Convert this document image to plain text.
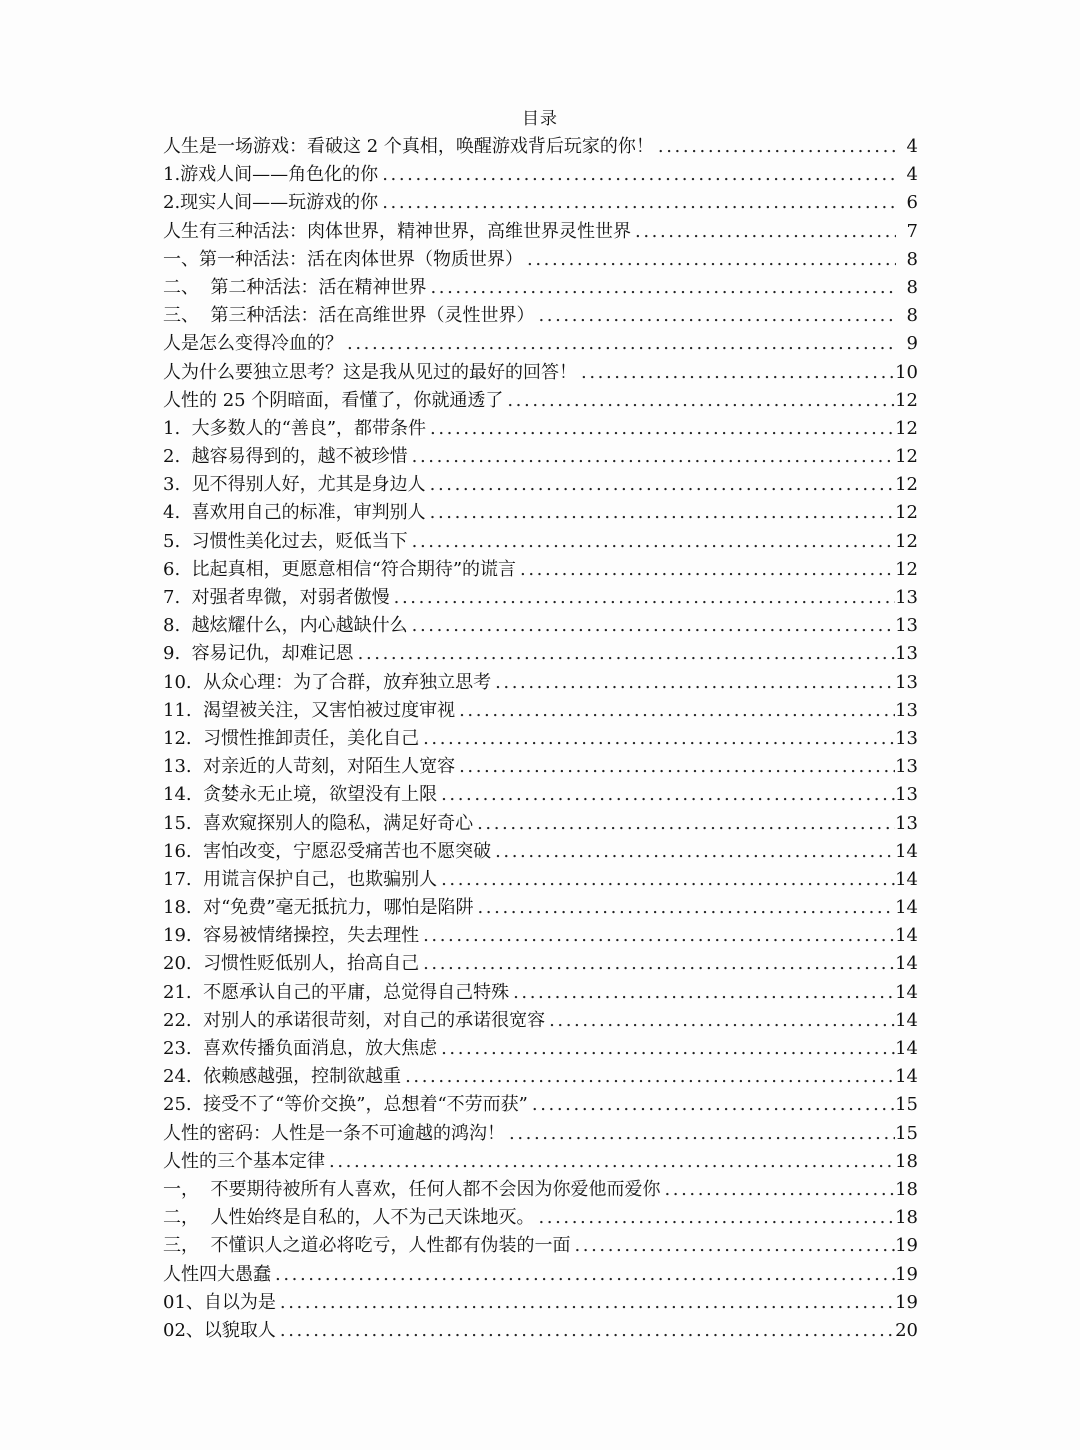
目录
人生是一场游戏：看破这 2 个真相，唤醒游戏背后玩家的你！ .....	4
1.游戏人间——角色化的你 .....	4
2.现实人间——玩游戏的你 .....	6
人生有三种活法：肉体世界，精神世界，高维世界灵性世界 .....	7
一、第一种活法：活在肉体世界（物质世界） .....	8
二、  第二种活法：活在精神世界 .....	8
三、  第三种活法：活在高维世界（灵性世界） .....	8
人是怎么变得冷血的？ .....	9
人为什么要独立思考？这是我从见过的最好的回答！ .....	10
人性的 25 个阴暗面，看懂了，你就通透了 .....	12
1.  大多数人的“善良”，都带条件 .....	12
2.  越容易得到的，越不被珍惜 .....	12
3.  见不得别人好，尤其是身边人 .....	12
4.  喜欢用自己的标准，审判别人 .....	12
5.  习惯性美化过去，贬低当下 .....	12
6.  比起真相，更愿意相信“符合期待”的谎言 .....	12
7.  对强者卑微，对弱者傲慢 .....	13
8.  越炫耀什么，内心越缺什么 .....	13
9.  容易记仇，却难记恩 .....	13
10.  从众心理：为了合群，放弃独立思考 .....	13
11.  渴望被关注，又害怕被过度审视 .....	13
12.  习惯性推卸责任，美化自己 .....	13
13.  对亲近的人苛刻，对陌生人宽容 .....	13
14.  贪婪永无止境，欲望没有上限 .....	13
15.  喜欢窥探别人的隐私，满足好奇心 .....	13
16.  害怕改变，宁愿忍受痛苦也不愿突破 .....	14
17.  用谎言保护自己，也欺骗别人 .....	14
18.  对“免费”毫无抵抗力，哪怕是陷阱 .....	14
19.  容易被情绪操控，失去理性 .....	14
20.  习惯性贬低别人，抬高自己 .....	14
21.  不愿承认自己的平庸，总觉得自己特殊 .....	14
22.  对别人的承诺很苛刻，对自己的承诺很宽容 .....	14
23.  喜欢传播负面消息，放大焦虑 .....	14
24.  依赖感越强，控制欲越重 .....	14
25.  接受不了“等价交换”，总想着“不劳而获” .....	15
人性的密码：人性是一条不可逾越的鸿沟！ .....	15
人性的三个基本定律 .....	18
一，  不要期待被所有人喜欢，任何人都不会因为你爱他而爱你 .....	18
二，  人性始终是自私的，人不为己天诛地灭。 .....	18
三，  不懂识人之道必将吃亏，人性都有伪装的一面 .....	19
人性四大愚蠢 .....	19
01、自以为是 .....	19
02、以貌取人 .....	20
